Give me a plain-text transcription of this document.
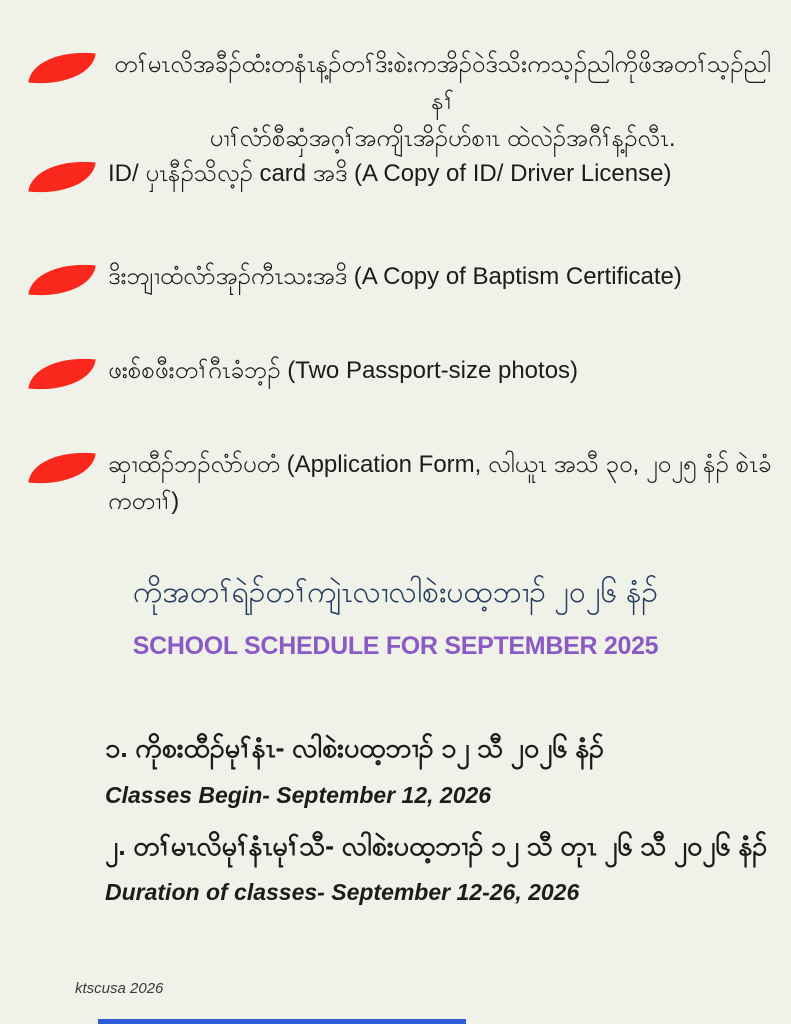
တၢ်မၤလိအခီၣ်ထံးတနံၤန့ၣ်တၢ်ဒိးစဲးကအိၣ်ဝဲဒ်သိးကသ့ၣ်ညါကိုဖိအတၢ်သ့ၣ်ညါနၢ်
ပၢၢ်လံာ်စီဆှံအဂ့ၢ်အကျိၤအိၣ်ဟ်စၢၤ ထဲလဲၣ်အဂီၢ်န့ၣ်လီၤ.
ID/ ပှၤနီၣ်သိလ့ၣ် card အဒိ (A Copy of ID/ Driver License)
ဒိးဘျၢထံလံာ်အုၣ်ကီၤသးအဒိ (A Copy of Baptism Certificate)
ဖးစ်စဖီးတၢ်ဂီၤခံဘ့ၣ် (Two Passport-size photos)
ဆှၢထီၣ်ဘၣ်လံာ်ပတံ (Application Form, လါယူၤ အသီ ၃၀, ၂၀၂၅ နံၣ် စဲၤခံကတၢၢ်)
ကိုအတၢ်ရဲၣ်တၢ်ကျဲၤလၢလါစဲးပထ့ဘၢၣ် ၂၀၂၆ နံၣ်
SCHOOL SCHEDULE FOR SEPTEMBER 2025
၁. ကိုစးထီၣ်မုၢ်နံၤ- လါစဲးပထ့ဘၢၣ် ၁၂ သီ ၂၀၂၆ နံၣ်
Classes Begin- September 12, 2026
၂. တၢ်မၤလိမုၢ်နံၤမုၢ်သီ- လါစဲးပထ့ဘၢၣ် ၁၂ သီ တုၤ ၂၆ သီ ၂၀၂၆ နံၣ်
Duration of classes- September 12-26, 2026
ktscusa 2026
